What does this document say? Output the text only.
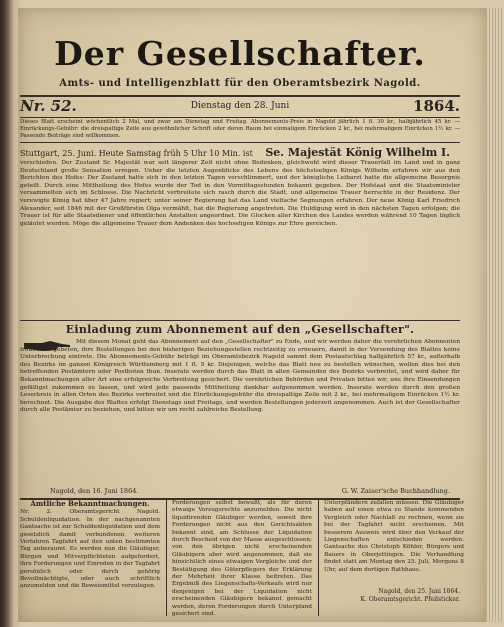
Der Gesellschafter.
Amts- und Intelligenzblatt für den Oberamtsbezirk Nagold.
Nr. 52.	Dienstag den 28. Juni	1864.
Dieses Blatt erscheint wöchentlich 2 Mal, und zwar am Dienstag und Freitag. Abonnements-Preis in Nagold jährlich 1 fl. 30 kr., halbjährlich 45 kr. — Einrückungs-Gebühr: die dreispaltige Zeile aus gewöhnlicher Schrift oder deren Raum bei einmaligem Einrücken 2 kr., bei mehrmaligem Einrücken 1½ kr. — Passende Beiträge sind willkommen.
Stuttgart, 25. Juni. Heute Samstag früh 5 Uhr 10 Min. ist Se. Majestät König Wilhelm I.
verschieden. Der Zustand Sr. Majestät war seit längerer Zeit nicht ohne Bedenken, gleichwohl wird dieser Trauerfall im Land und in ganz Deutschland große Sensation erregen. Ueber die letzten Augenblicke des Lebens des höchstseligen Königs Wilhelm erfahren wir aus den Berichten des Hofes: Der Zustand hatte sich in den letzten Tagen verschlimmert, und der königliche Leibarzt hatte die allgemeine Besorgnis geteilt. Durch eine Mittheilung des Hofes wurde der Tod in den Vormittagsstunden bekannt gegeben. Der Hofstaat und die Staatsminister versammelten sich im Schlosse. Die Nachricht verbreitete sich rasch durch die Stadt, und allgemeine Trauer herrschte in der Residenz. Der verewigte König hat über 47 Jahre regiert; unter seiner Regierung hat das Land vielfache Segnungen erfahren. Der neue König Karl Friedrich Alexander, seit 1846 mit der Großfürstin Olga vermählt, hat die Regierung angetreten. Die Huldigung wird in den nächsten Tagen erfolgen; die Trauer ist für alle Staatsdiener und öffentlichen Anstalten angeordnet. Die Glocken aller Kirchen des Landes werden während 10 Tagen täglich geläutet werden. Möge die allgemeine Trauer dem Andenken des hochseligen Königs zur Ehre gereichen.
Einladung zum Abonnement auf den „Gesellschafter".
Mit diesem Monat geht das Abonnement auf den „Gesellschafter" zu Ende, und wir werden daher die verehrlichen Abonnenten freundlich gebeten, ihre Bestellungen bei den bisherigen Beziehungsstellen rechtzeitig zu erneuern, damit in der Versendung des Blattes keine Unterbrechung eintrete. Die Abonnements-Gebühr beträgt im Oberamtsbezirk Nagold sammt dem Postaufschlag halbjährlich 57 kr., außerhalb des Bezirks im ganzen Königreich Württemberg mit 1 fl. 5 kr. Diejenigen, welche das Blatt neu zu bestellen wünschen, wollen dies bei den betreffenden Postämtern oder Postboten thun. Inserate werden durch das Blatt in allen Gemeinden des Bezirks verbreitet, und wird daher für Bekanntmachungen aller Art eine erfolgreiche Verbreitung gesichert. Die verehrlichen Behörden und Privaten bitten wir, uns ihre Einsendungen gefälligst zukommen zu lassen, und wird jede passende Mittheilung dankbar aufgenommen werden. Inserate werden durch den großen Leserkreis in allen Orten des Bezirks verbreitet und die Einrückungsgebühr die dreispaltige Zeile mit 2 kr., bei mehrmaligem Einrücken 1½ kr. berechnet. Die Ausgabe des Blattes erfolgt Dienstags und Freitags, und werden Bestellungen jederzeit angenommen. Auch ist der Gesellschafter durch alle Postämter zu beziehen, und bitten wir um recht zahlreiche Bestellung.
Nagold, den 16. Juni 1864.	G. W. Zaiser'sche Buchhandlung.
Amtliche Bekanntmachungen.
Nr. 2. Oberamtsgericht Nagold. Schuldenliquidation. In der nachgenannten Gantsache ist zur Schuldenliquidation und dem gesetzlich damit verbundenen weiteren Verfahren Tagfahrt auf den unten bestimmten Tag anberaumt. Es werden nun die Gläubiger, Bürgen und Mitverpflichteten aufgefordert, ihre Forderungen und Einreden in der Tagfahrt persönlich oder durch gehörig Bevollmächtigte, oder auch schriftlich anzumelden und die Beweismittel vorzulegen.
Forderungen selbst bewußt, als für deren etwaige Vorzugsrechte anzumelden. Die nicht liquidirenden Gläubiger werden, soweit ihre Forderungen nicht aus den Gerichtsakten bekannt sind, am Schlusse der Liquidation durch Bescheid von der Masse ausgeschlossen; von den übrigen nicht erscheinenden Gläubigern aber wird angenommen, daß sie hinsichtlich eines etwaigen Vergleichs und der Bestätigung des Güterpflegers der Erklärung der Mehrheit ihrer Klasse beitreten. Das Ergebniß des Liegenschafts-Verkaufs wird nur denjenigen bei der Liquidation nicht erscheinenden Gläubigern bekannt gemacht werden, deren Forderungen durch Unterpfand gesichert sind.
Unterpfändern zufallen müssen. Die Gläubiger haben auf einen etwa zu Stande kommenden Vergleich oder Nachlaß zu rechnen, wenn sie bei der Tagfahrt nicht erscheinen. Mit besserem Ausweis wird über den Verkauf der Liegenschaften entschieden werden. Gantsache des Christoph Köhler, Bürgers und Bauers in Oberjettingen. Die Verhandlung findet statt am Montag den 25. Juli, Morgens 8 Uhr, auf dem dortigen Rathhaus.
Nagold, den 25. Juni 1864.
K. Oberamtsgericht. Pfeilsticker.
